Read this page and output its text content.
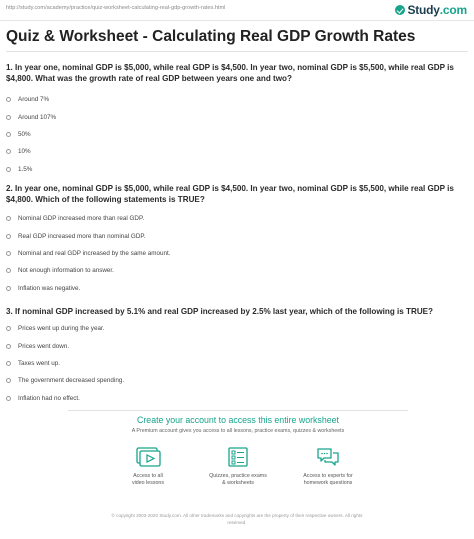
http://study.com/academy/practice/quiz-worksheet-calculating-real-gdp-growth-rates.html	Study.com
Quiz & Worksheet - Calculating Real GDP Growth Rates
1. In year one, nominal GDP is $5,000, while real GDP is $4,500. In year two, nominal GDP is $5,500, while real GDP is $4,800. What was the growth rate of real GDP between years one and two?
Around 7%
Around 107%
50%
10%
1.5%
2. In year one, nominal GDP is $5,000, while real GDP is $4,500. In year two, nominal GDP is $5,500, while real GDP is $4,800. Which of the following statements is TRUE?
Nominal GDP increased more than real GDP.
Real GDP increased more than nominal GDP.
Nominal and real GDP increased by the same amount.
Not enough information to answer.
Inflation was negative.
3. If nominal GDP increased by 5.1% and real GDP increased by 2.5% last year, which of the following is TRUE?
Prices went up during the year.
Prices went down.
Taxes went up.
The government decreased spending.
Inflation had no effect.
Create your account to access this entire worksheet
A Premium account gives you access to all lessons, practice exams, quizzes & worksheets
Access to all
video lessons
Quizzes, practice exams
& worksheets
Access to experts for
homework questions
© copyright 2003-2020 Study.com. All other trademarks and copyrights are the property of their respective owners. All rights
reserved.
